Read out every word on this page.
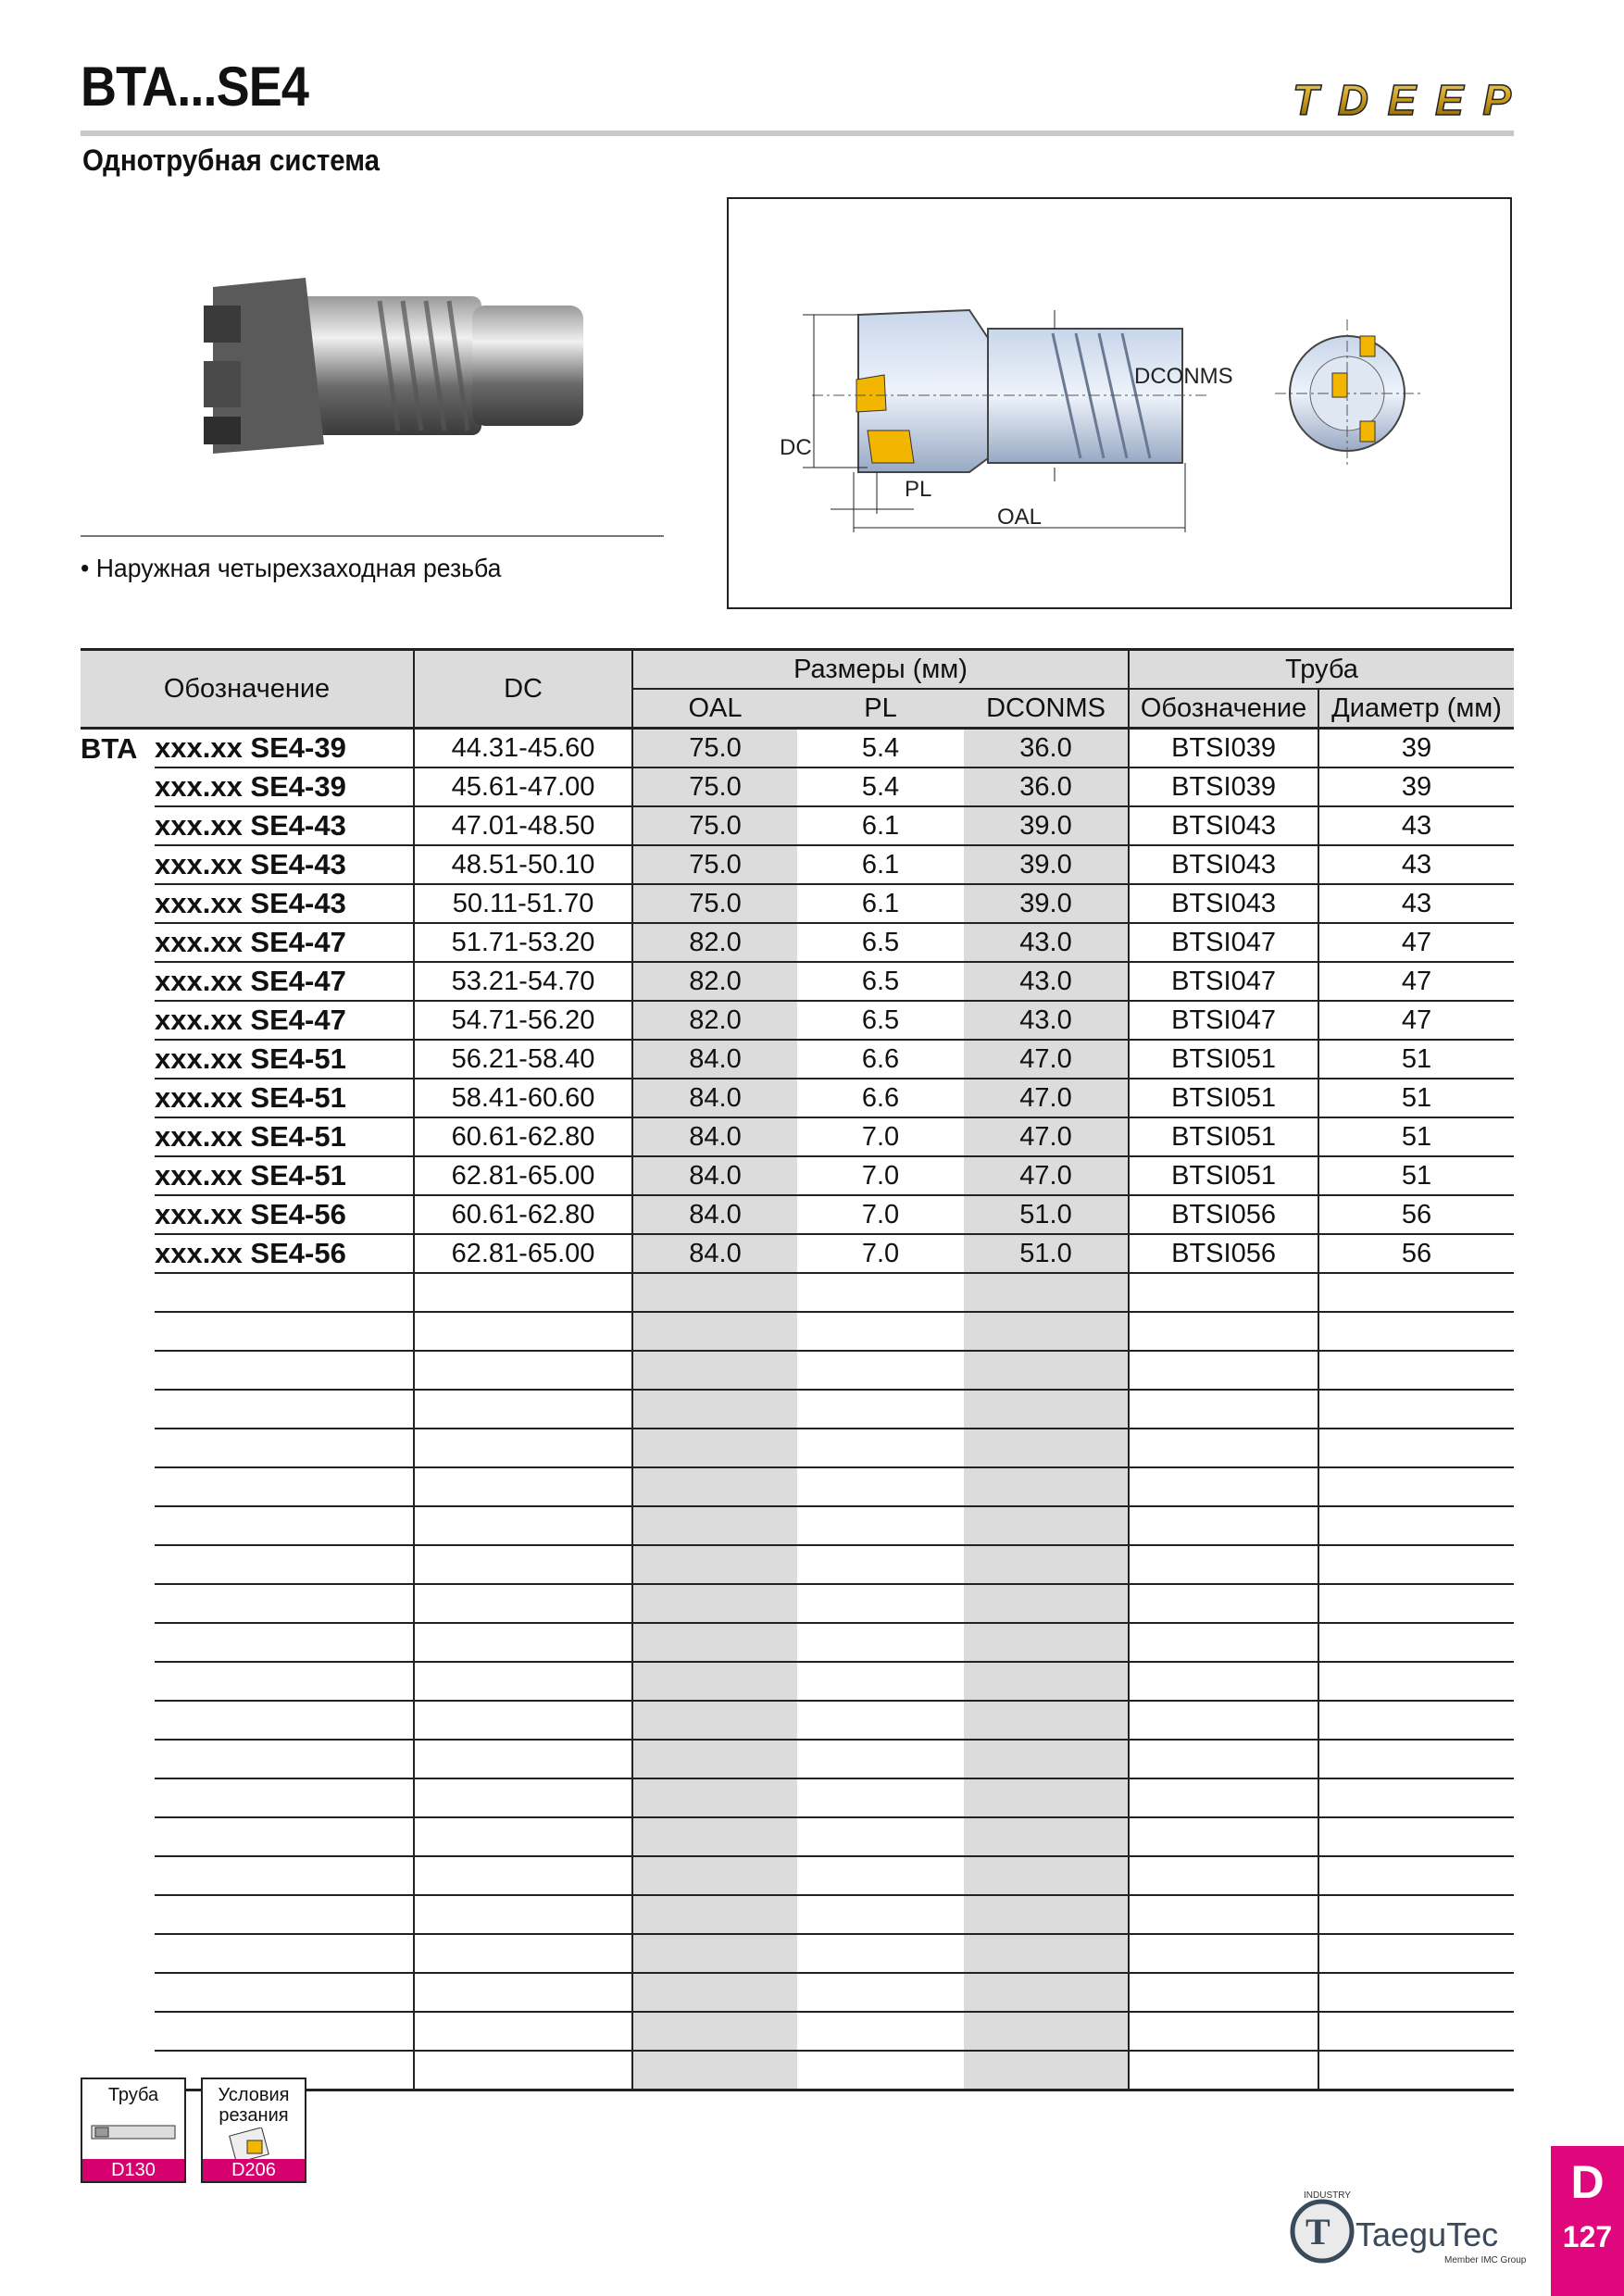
BTA...SE4
Однотрубная система
TDEEP
• Наружная четырехзаходная резьба
DCONMS
DC
PL
OAL
Обозначение		DC	Размеры (мм)			Труба	
			OAL	PL	DCONMS	Обозначение	Диаметр (мм)
BTA	xxx.xx SE4-39	44.31-45.60	75.0	5.4	36.0	BTSI039	39
	xxx.xx SE4-39	45.61-47.00	75.0	5.4	36.0	BTSI039	39
	xxx.xx SE4-43	47.01-48.50	75.0	6.1	39.0	BTSI043	43
	xxx.xx SE4-43	48.51-50.10	75.0	6.1	39.0	BTSI043	43
	xxx.xx SE4-43	50.11-51.70	75.0	6.1	39.0	BTSI043	43
	xxx.xx SE4-47	51.71-53.20	82.0	6.5	43.0	BTSI047	47
	xxx.xx SE4-47	53.21-54.70	82.0	6.5	43.0	BTSI047	47
	xxx.xx SE4-47	54.71-56.20	82.0	6.5	43.0	BTSI047	47
	xxx.xx SE4-51	56.21-58.40	84.0	6.6	47.0	BTSI051	51
	xxx.xx SE4-51	58.41-60.60	84.0	6.6	47.0	BTSI051	51
	xxx.xx SE4-51	60.61-62.80	84.0	7.0	47.0	BTSI051	51
	xxx.xx SE4-51	62.81-65.00	84.0	7.0	47.0	BTSI051	51
	xxx.xx SE4-56	60.61-62.80	84.0	7.0	51.0	BTSI056	56
	xxx.xx SE4-56	62.81-65.00	84.0	7.0	51.0	BTSI056	56

Труба
D130
Условия резания
D206	D
127
T
INDUSTRY
TaeguTec
Member IMC Group
